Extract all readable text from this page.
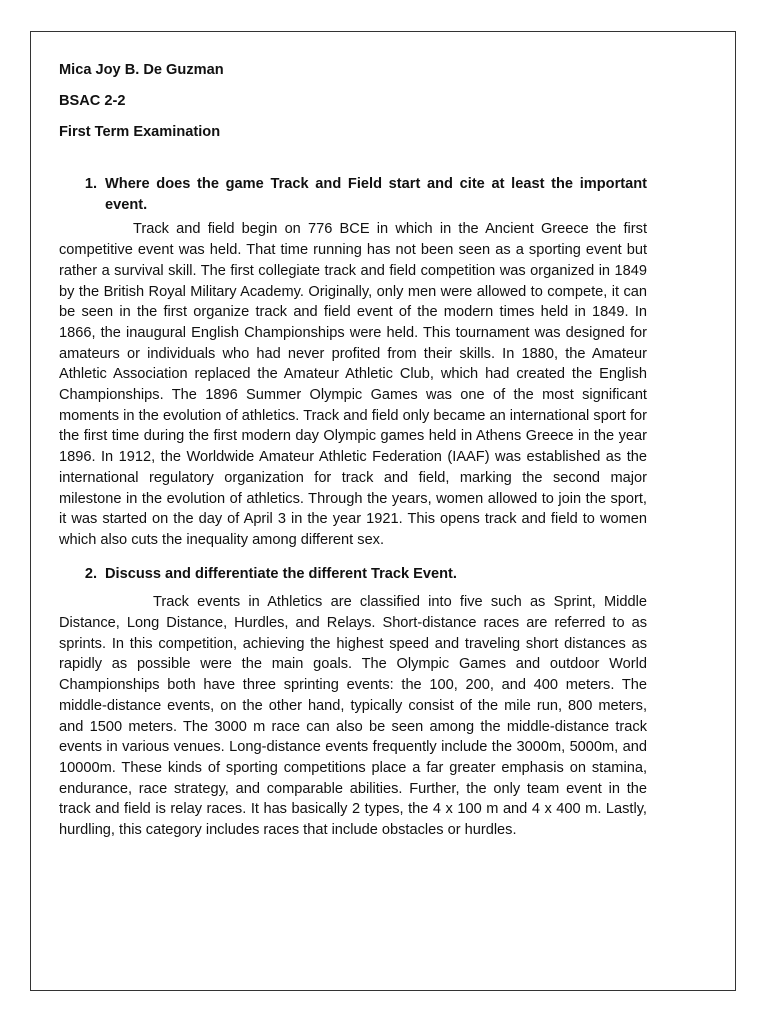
Mica Joy B. De Guzman

BSAC 2-2

First Term Examination

1. Where does the game Track and Field start and cite at least the important event.

Track and field begin on 776 BCE in which in the Ancient Greece the first competitive event was held. That time running has not been seen as a sporting event but rather a survival skill. The first collegiate track and field competition was organized in 1849 by the British Royal Military Academy. Originally, only men were allowed to compete, it can be seen in the first organize track and field event of the modern times held in 1849. In 1866, the inaugural English Championships were held. This tournament was designed for amateurs or individuals who had never profited from their skills. In 1880, the Amateur Athletic Association replaced the Amateur Athletic Club, which had created the English Championships. The 1896 Summer Olympic Games was one of the most significant moments in the evolution of athletics. Track and field only became an international sport for the first time during the first modern day Olympic games held in Athens Greece in the year 1896. In 1912, the Worldwide Amateur Athletic Federation (IAAF) was established as the international regulatory organization for track and field, marking the second major milestone in the evolution of athletics. Through the years, women allowed to join the sport, it was started on the day of April 3 in the year 1921. This opens track and field to women which also cuts the inequality among different sex.

2. Discuss and differentiate the different Track Event.

Track events in Athletics are classified into five such as Sprint, Middle Distance, Long Distance, Hurdles, and Relays. Short-distance races are referred to as sprints. In this competition, achieving the highest speed and traveling short distances as rapidly as possible were the main goals. The Olympic Games and outdoor World Championships both have three sprinting events: the 100, 200, and 400 meters. The middle-distance events, on the other hand, typically consist of the mile run, 800 meters, and 1500 meters. The 3000 m race can also be seen among the middle-distance track events in various venues. Long-distance events frequently include the 3000m, 5000m, and 10000m. These kinds of sporting competitions place a far greater emphasis on stamina, endurance, race strategy, and comparable abilities. Further, the only team event in the track and field is relay races. It has basically 2 types, the 4 x 100 m and 4 x 400 m. Lastly, hurdling, this category includes races that include obstacles or hurdles.
